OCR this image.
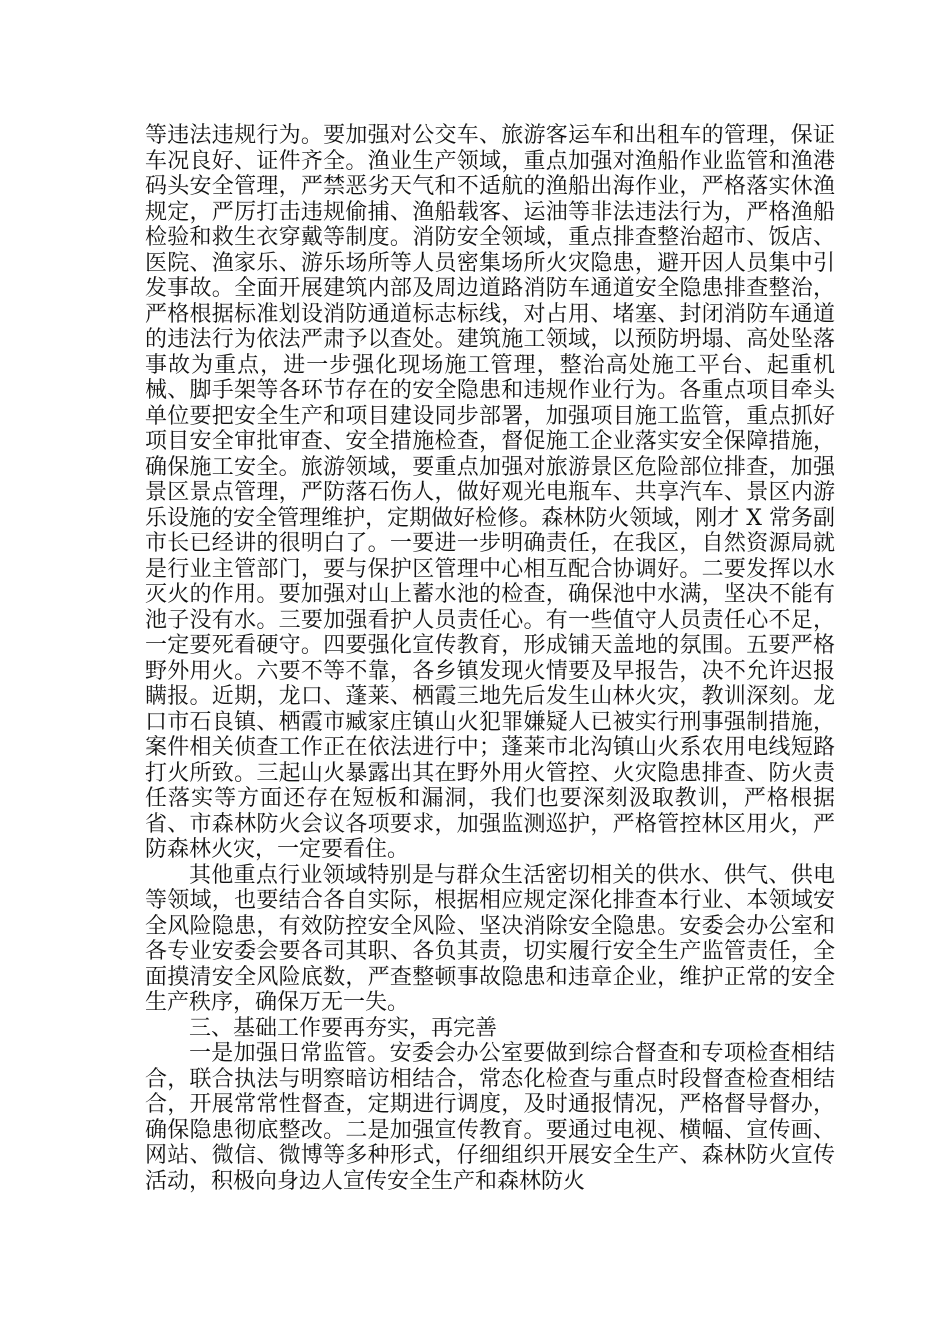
等违法违规行为。要加强对公交车、旅游客运车和出租车的管理，保证车况良好、证件齐全。渔业生产领域，重点加强对渔船作业监管和渔港码头安全管理，严禁恶劣天气和不适航的渔船出海作业，严格落实休渔规定，严厉打击违规偷捕、渔船载客、运油等非法违法行为，严格渔船检验和救生衣穿戴等制度。消防安全领域，重点排查整治超市、饭店、医院、渔家乐、游乐场所等人员密集场所火灾隐患，避开因人员集中引发事故。全面开展建筑内部及周边道路消防车通道安全隐患排查整治，严格根据标准划设消防通道标志标线，对占用、堵塞、封闭消防车通道的违法行为依法严肃予以查处。建筑施工领域，以预防坍塌、高处坠落事故为重点，进一步强化现场施工管理，整治高处施工平台、起重机械、脚手架等各环节存在的安全隐患和违规作业行为。各重点项目牵头单位要把安全生产和项目建设同步部署，加强项目施工监管，重点抓好项目安全审批审查、安全措施检查，督促施工企业落实安全保障措施，确保施工安全。旅游领域，要重点加强对旅游景区危险部位排查，加强景区景点管理，严防落石伤人，做好观光电瓶车、共享汽车、景区内游乐设施的安全管理维护，定期做好检修。森林防火领域，刚才 X 常务副市长已经讲的很明白了。一要进一步明确责任，在我区，自然资源局就是行业主管部门，要与保护区管理中心相互配合协调好。二要发挥以水灭火的作用。要加强对山上蓄水池的检查，确保池中水满，坚决不能有池子没有水。三要加强看护人员责任心。有一些值守人员责任心不足，一定要死看硬守。四要强化宣传教育，形成铺天盖地的氛围。五要严格野外用火。六要不等不靠，各乡镇发现火情要及早报告，决不允许迟报瞒报。近期，龙口、蓬莱、栖霞三地先后发生山林火灾，教训深刻。龙口市石良镇、栖霞市臧家庄镇山火犯罪嫌疑人已被实行刑事强制措施，案件相关侦查工作正在依法进行中；蓬莱市北沟镇山火系农用电线短路打火所致。三起山火暴露出其在野外用火管控、火灾隐患排查、防火责任落实等方面还存在短板和漏洞，我们也要深刻汲取教训，严格根据省、市森林防火会议各项要求，加强监测巡护，严格管控林区用火，严防森林火灾，一定要看住。

其他重点行业领域特别是与群众生活密切相关的供水、供气、供电等领域，也要结合各自实际，根据相应规定深化排查本行业、本领域安全风险隐患，有效防控安全风险、坚决消除安全隐患。安委会办公室和各专业安委会要各司其职、各负其责，切实履行安全生产监管责任，全面摸清安全风险底数，严查整顿事故隐患和违章企业，维护正常的安全生产秩序，确保万无一失。

三、基础工作要再夯实，再完善

一是加强日常监管。安委会办公室要做到综合督查和专项检查相结合，联合执法与明察暗访相结合，常态化检查与重点时段督查检查相结合，开展常常性督查，定期进行调度，及时通报情况，严格督导督办，确保隐患彻底整改。二是加强宣传教育。要通过电视、横幅、宣传画、网站、微信、微博等多种形式，仔细组织开展安全生产、森林防火宣传活动，积极向身边人宣传安全生产和森林防火
